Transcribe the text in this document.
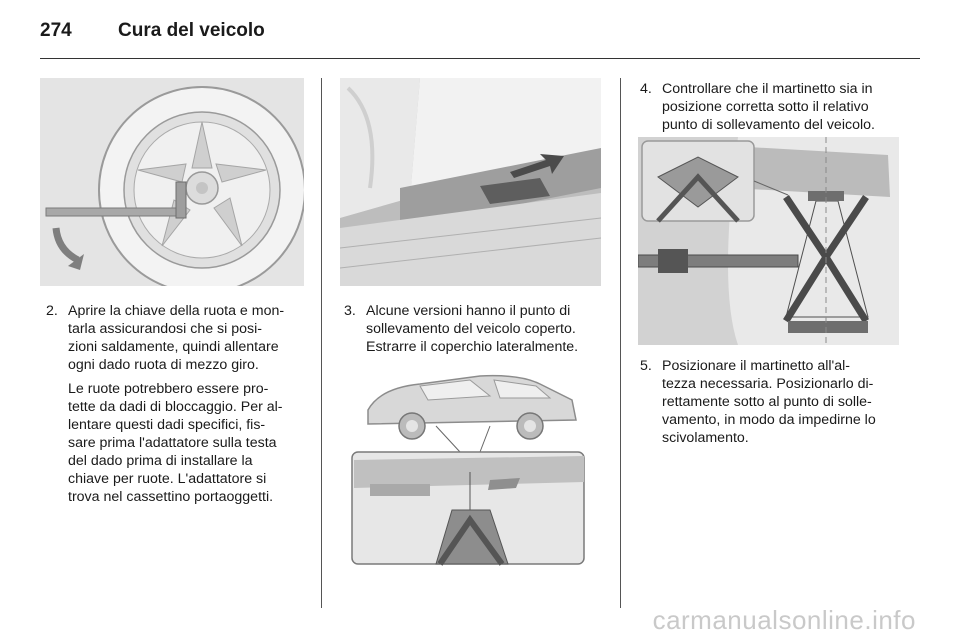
274	Cura del veicolo
2. Aprire la chiave della ruota e mon-
tarla assicurandosi che si posi-
zioni saldamente, quindi allentare
ogni dado ruota di mezzo giro.
Le ruote potrebbero essere pro-
tette da dadi di bloccaggio. Per al-
lentare questi dadi specifici, fis-
sare prima l'adattatore sulla testa
del dado prima di installare la
chiave per ruote. L'adattatore si
trova nel cassettino portaoggetti.
3. Alcune versioni hanno il punto di
sollevamento del veicolo coperto.
Estrarre il coperchio lateralmente.
4. Controllare che il martinetto sia in
posizione corretta sotto il relativo
punto di sollevamento del veicolo.
5. Posizionare il martinetto all'al-
tezza necessaria. Posizionarlo di-
rettamente sotto al punto di solle-
vamento, in modo da impedirne lo
scivolamento.
carmanualsonline.info
